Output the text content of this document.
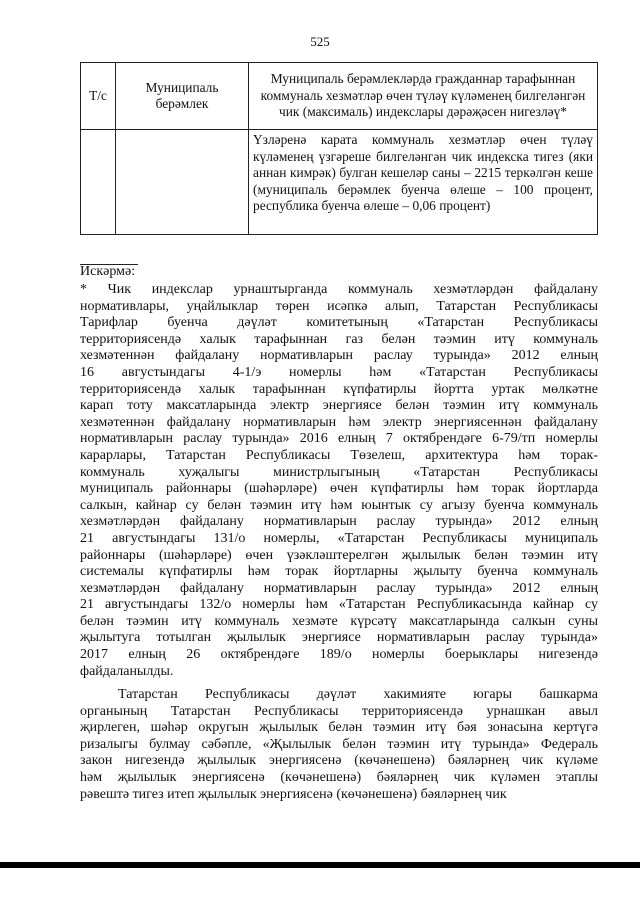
525
Т/с	Муниципаль берәмлек	Муниципаль берәмлекләрдә гражданнар тарафыннан коммуналь хезмәтләр өчен түләү күләменең билгеләнгән чик (максималь) индекслары дәрәҗәсен нигезләү*
		Үзләренә карата коммуналь хезмәтләр өчен түләү күләменең үзгәреше билгеләнгән чик индекска тигез (яки аннан кимрәк) булган кешеләр саны – 2215 теркәлгән кеше (муниципаль берәмлек буенча өлеше – 100 процент, республика буенча өлеше – 0,06 процент)
Искәрмә:
* Чик индекслар урнаштырганда коммуналь хезмәтләрдән файдалану
нормативлары, уңайлыклар төрен исәпкә алып, Татарстан Республикасы
Тарифлар буенча дәүләт комитетының «Татарстан Республикасы
территориясендә халык тарафыннан газ белән тәэмин итү коммуналь
хезмәтеннән файдалану нормативларын раслау турында» 2012 елның
16 августындагы 4-1/э номерлы һәм «Татарстан Республикасы
территориясендә халык тарафыннан күпфатирлы йортта уртак мөлкәтне
карап тоту максатларында электр энергиясе белән тәэмин итү коммуналь
хезмәтеннән файдалану нормативларын һәм электр энергиясеннән файдалану
нормативларын раслау турында» 2016 елның 7 октябрендәге 6-79/тп номерлы
карарлары, Татарстан Республикасы Төзелеш, архитектура һәм торак-
коммуналь хуҗалыгы министрлыгының «Татарстан Республикасы
муниципаль районнары (шәһәрләре) өчен күпфатирлы һәм торак йортларда
салкын, кайнар су белән тәэмин итү һәм юынтык су агызу буенча коммуналь
хезмәтләрдән файдалану нормативларын раслау турында» 2012 елның
21 августындагы 131/о номерлы, «Татарстан Республикасы муниципаль
районнары (шәһәрләре) өчен үзәкләштерелгән җылылык белән тәэмин итү
системалы күпфатирлы һәм торак йортларны җылыту буенча коммуналь
хезмәтләрдән файдалану нормативларын раслау турында» 2012 елның
21 августындагы 132/о номерлы һәм «Татарстан Республикасында кайнар су
белән тәэмин итү коммуналь хезмәте күрсәтү максатларында салкын суны
җылытуга тотылган җылылык энергиясе нормативларын раслау турында»
2017 елның 26 октябрендәге 189/о номерлы боерыклары нигезендә
файдаланылды.
Татарстан Республикасы дәүләт хакимияте югары башкарма
органының Татарстан Республикасы территориясендә урнашкан авыл
җирлеген, шәһәр округын җылылык белән тәэмин итү бәя зонасына кертүгә
ризалыгы булмау сәбәпле, «Җылылык белән тәэмин итү турында» Федераль
закон нигезендә җылылык энергиясенә (көчәнешенә) бәяләрнең чик күләме
һәм җылылык энергиясенә (көчәнешенә) бәяләрнең чик күләмен этаплы
рәвештә тигез итеп җылылык энергиясенә (көчәнешенә) бәяләрнең чик
